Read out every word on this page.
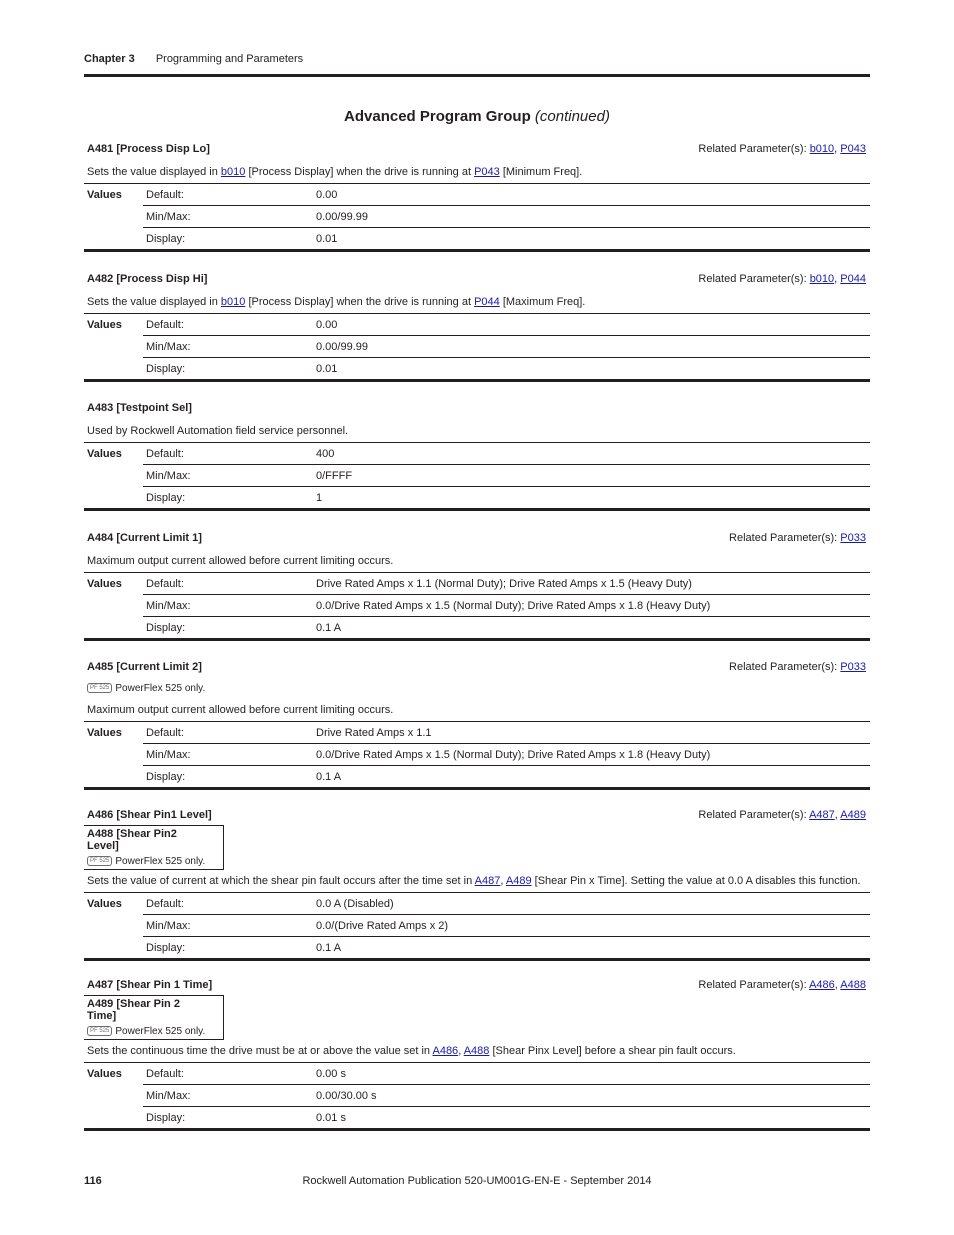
Chapter 3 Programming and Parameters
Advanced Program Group (continued)
A481 [Process Disp Lo]	Related Parameter(s): b010, P043
Sets the value displayed in b010 [Process Display] when the drive is running at P043 [Minimum Freq].
Values	Default:	0.00
	Min/Max:	0.00/99.99
	Display:	0.01
A482 [Process Disp Hi]	Related Parameter(s): b010, P044
Sets the value displayed in b010 [Process Display] when the drive is running at P044 [Maximum Freq].
Values	Default:	0.00
	Min/Max:	0.00/99.99
	Display:	0.01
A483 [Testpoint Sel]
Used by Rockwell Automation field service personnel.
Values	Default:	400
	Min/Max:	0/FFFF
	Display:	1
A484 [Current Limit 1]	Related Parameter(s): P033
Maximum output current allowed before current limiting occurs.
Values	Default:	Drive Rated Amps x 1.1 (Normal Duty); Drive Rated Amps x 1.5 (Heavy Duty)
	Min/Max:	0.0/Drive Rated Amps x 1.5 (Normal Duty); Drive Rated Amps x 1.8 (Heavy Duty)
	Display:	0.1 A
A485 [Current Limit 2]	Related Parameter(s): P033
PF 525 PowerFlex 525 only.
Maximum output current allowed before current limiting occurs.
Values	Default:	Drive Rated Amps x 1.1
	Min/Max:	0.0/Drive Rated Amps x 1.5 (Normal Duty); Drive Rated Amps x 1.8 (Heavy Duty)
	Display:	0.1 A
A486 [Shear Pin1 Level]	Related Parameter(s): A487, A489
A488 [Shear Pin2 Level]
PF 525 PowerFlex 525 only.
Sets the value of current at which the shear pin fault occurs after the time set in A487, A489 [Shear Pin x Time]. Setting the value at 0.0 A disables this function.
Values	Default:	0.0 A (Disabled)
	Min/Max:	0.0/(Drive Rated Amps x 2)
	Display:	0.1 A
A487 [Shear Pin 1 Time]	Related Parameter(s): A486, A488
A489 [Shear Pin 2 Time]
PF 525 PowerFlex 525 only.
Sets the continuous time the drive must be at or above the value set in A486, A488 [Shear Pinx Level] before a shear pin fault occurs.
Values	Default:	0.00 s
	Min/Max:	0.00/30.00 s
	Display:	0.01 s
116	Rockwell Automation Publication 520-UM001G-EN-E - September 2014
